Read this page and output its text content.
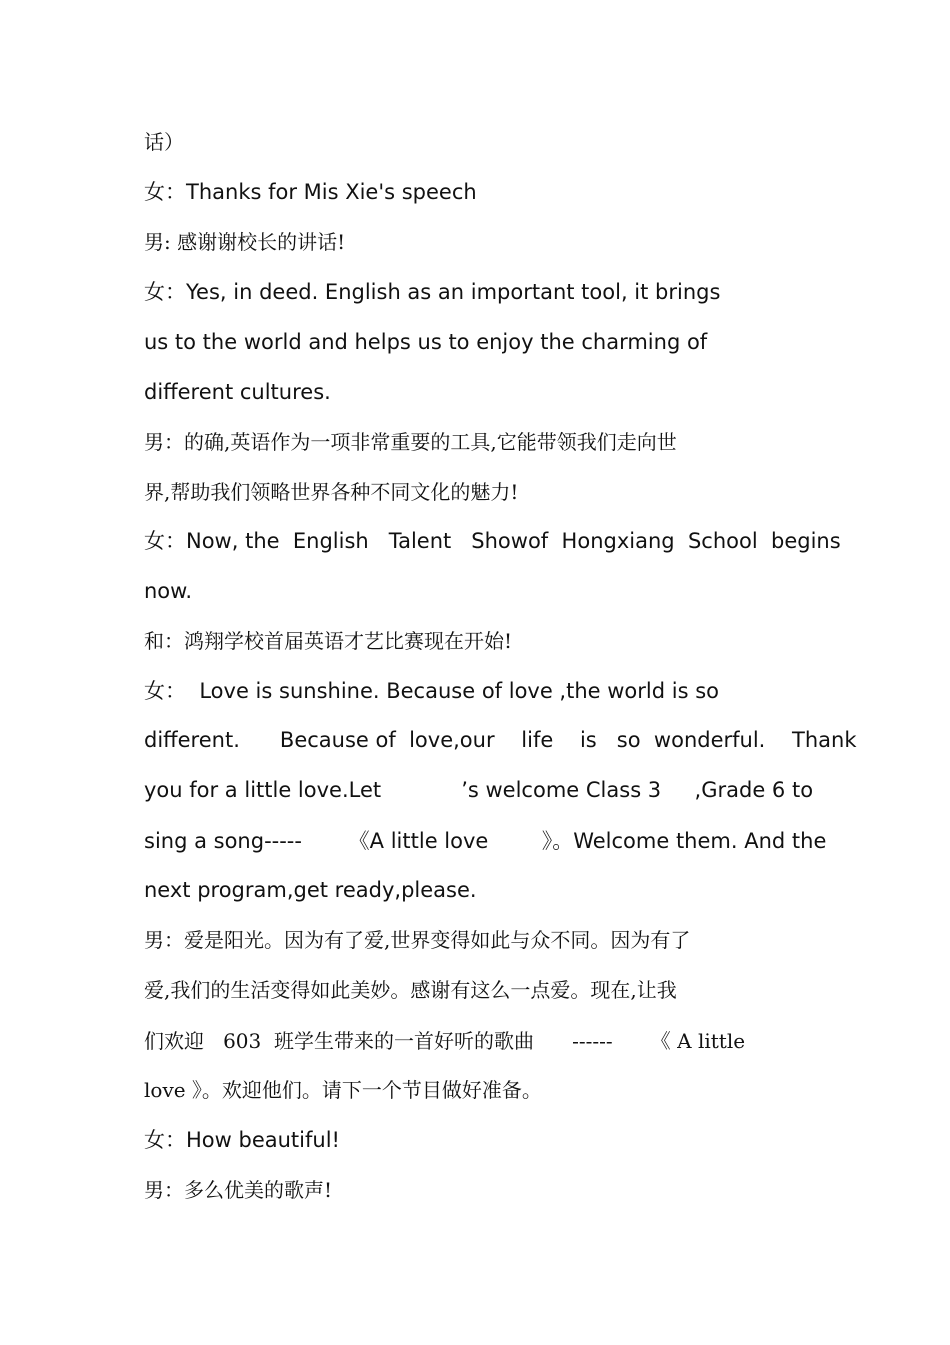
话）
女：Thanks for Mis Xie's speech
男: 感谢谢校长的讲话!
女：Yes, in deed. English as an important tool, it brings
us to the world and helps us to enjoy the charming of
different cultures.
男：的确,英语作为一项非常重要的工具,它能带领我们走向世
界,帮助我们领略世界各种不同文化的魅力!
女：Now, the  English   Talent   Showof  Hongxiang  School  begins
now.
和：鸿翔学校首届英语才艺比赛现在开始!
女：  Love is sunshine. Because of love ,the world is so
different.      Because of  love,our    life    is   so  wonderful.    Thank
you for a little love.Let            ’s welcome Class 3     ,Grade 6 to
sing a song-----       《A little love        》。Welcome them. And the
next program,get ready,please.
男：爱是阳光。因为有了爱,世界变得如此与众不同。因为有了
爱,我们的生活变得如此美妙。感谢有这么一点爱。现在,让我
们欢迎   603  班学生带来的一首好听的歌曲      ------      《 A little
love 》。欢迎他们。请下一个节目做好准备。
女：How beautiful!
男：多么优美的歌声!
